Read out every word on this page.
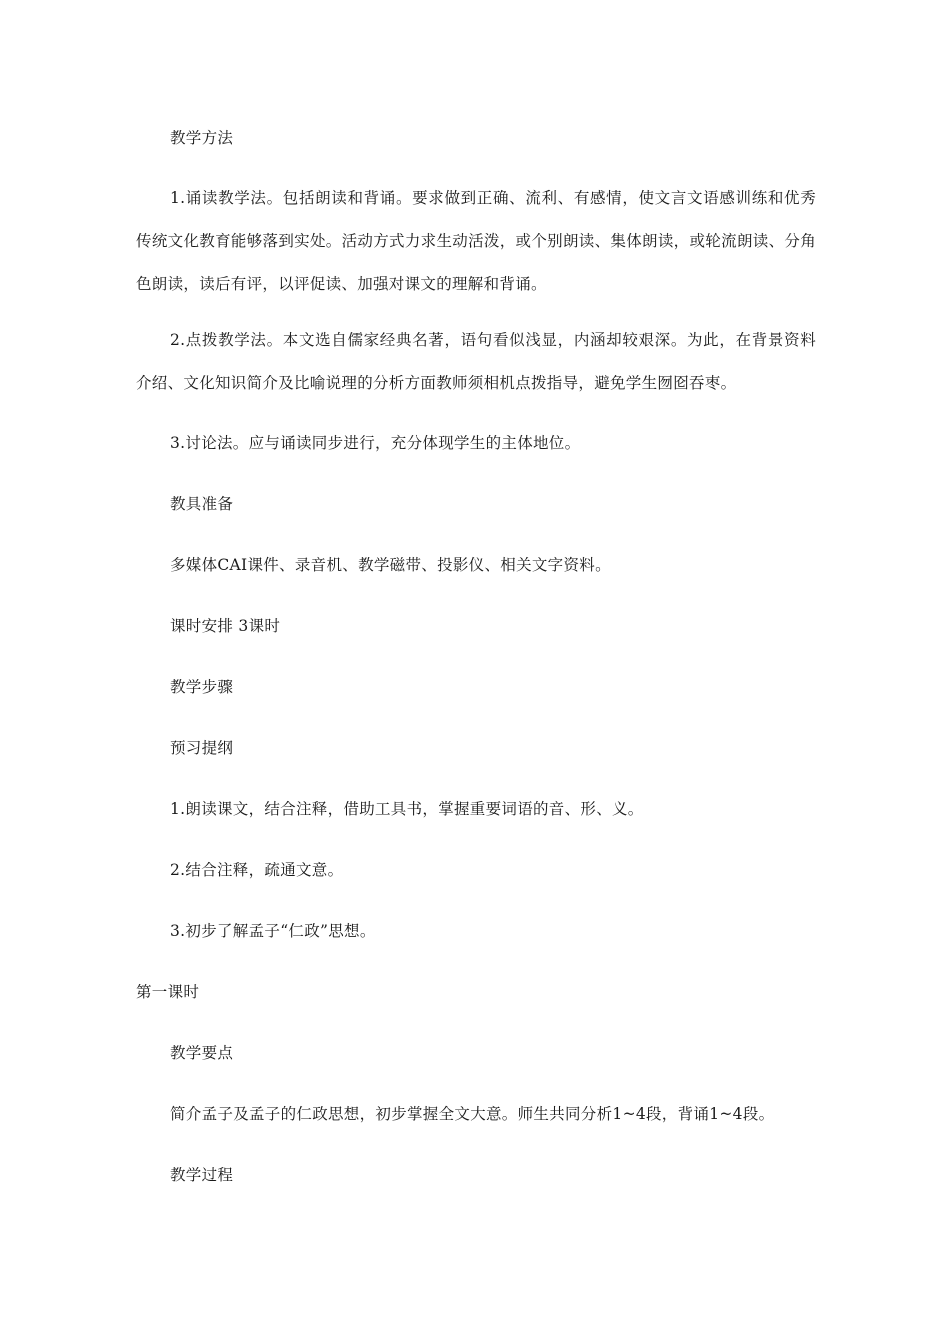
教学方法

1.诵读教学法。包括朗读和背诵。要求做到正确、流利、有感情，使文言文语感训练和优秀传统文化教育能够落到实处。活动方式力求生动活泼，或个别朗读、集体朗读，或轮流朗读、分角色朗读，读后有评，以评促读、加强对课文的理解和背诵。

2.点拨教学法。本文选自儒家经典名著，语句看似浅显，内涵却较艰深。为此，在背景资料介绍、文化知识简介及比喻说理的分析方面教师须相机点拨指导，避免学生囫囵吞枣。

3.讨论法。应与诵读同步进行，充分体现学生的主体地位。

教具准备

多媒体CAI课件、录音机、教学磁带、投影仪、相关文字资料。

课时安排 3课时

教学步骤

预习提纲

1.朗读课文，结合注释，借助工具书，掌握重要词语的音、形、义。

2.结合注释，疏通文意。

3.初步了解孟子“仁政”思想。

第一课时

教学要点

简介孟子及孟子的仁政思想，初步掌握全文大意。师生共同分析1~4段，背诵1~4段。

教学过程
